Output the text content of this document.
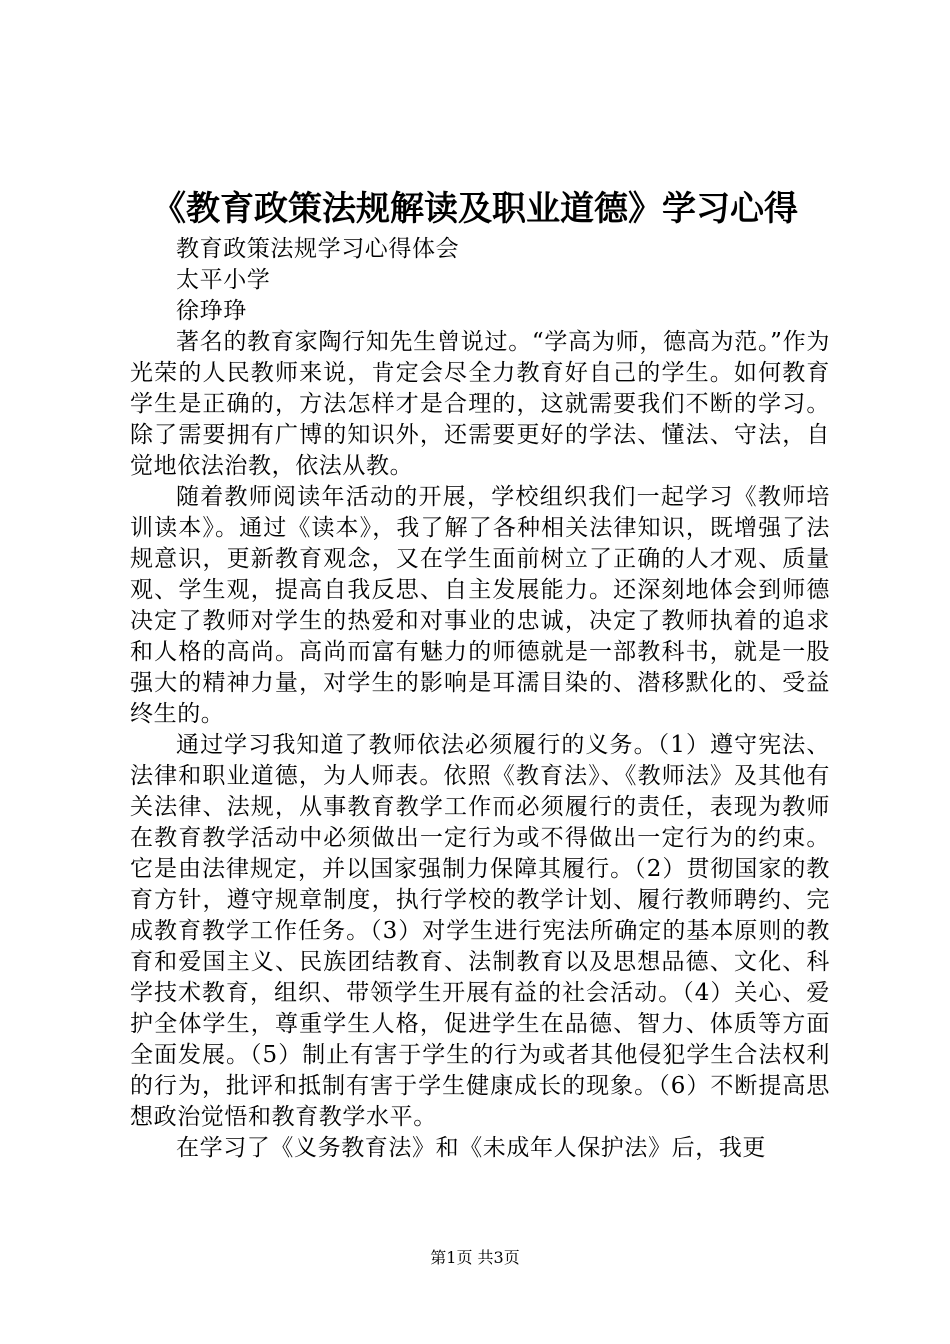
《教育政策法规解读及职业道德》学习心得

教育政策法规学习心得体会

太平小学

徐琤琤

著名的教育家陶行知先生曾说过。“学高为师，德高为范。”作为光荣的人民教师来说，肯定会尽全力教育好自己的学生。如何教育学生是正确的，方法怎样才是合理的，这就需要我们不断的学习。除了需要拥有广博的知识外，还需要更好的学法、懂法、守法，自觉地依法治教，依法从教。

随着教师阅读年活动的开展，学校组织我们一起学习《教师培训读本》。通过《读本》，我了解了各种相关法律知识，既增强了法规意识，更新教育观念，又在学生面前树立了正确的人才观、质量观、学生观，提高自我反思、自主发展能力。还深刻地体会到师德决定了教师对学生的热爱和对事业的忠诚，决定了教师执着的追求和人格的高尚。高尚而富有魅力的师德就是一部教科书，就是一股强大的精神力量，对学生的影响是耳濡目染的、潜移默化的、受益终生的。

通过学习我知道了教师依法必须履行的义务。（1）遵守宪法、法律和职业道德，为人师表。依照《教育法》、《教师法》及其他有关法律、法规，从事教育教学工作而必须履行的责任，表现为教师在教育教学活动中必须做出一定行为或不得做出一定行为的约束。它是由法律规定，并以国家强制力保障其履行。（2）贯彻国家的教育方针，遵守规章制度，执行学校的教学计划、履行教师聘约、完成教育教学工作任务。（3）对学生进行宪法所确定的基本原则的教育和爱国主义、民族团结教育、法制教育以及思想品德、文化、科学技术教育，组织、带领学生开展有益的社会活动。（4）关心、爱护全体学生，尊重学生人格，促进学生在品德、智力、体质等方面全面发展。（5）制止有害于学生的行为或者其他侵犯学生合法权利的行为，批评和抵制有害于学生健康成长的现象。（6）不断提高思想政治觉悟和教育教学水平。

在学习了《义务教育法》和《未成年人保护法》后，我更

第1页 共3页
